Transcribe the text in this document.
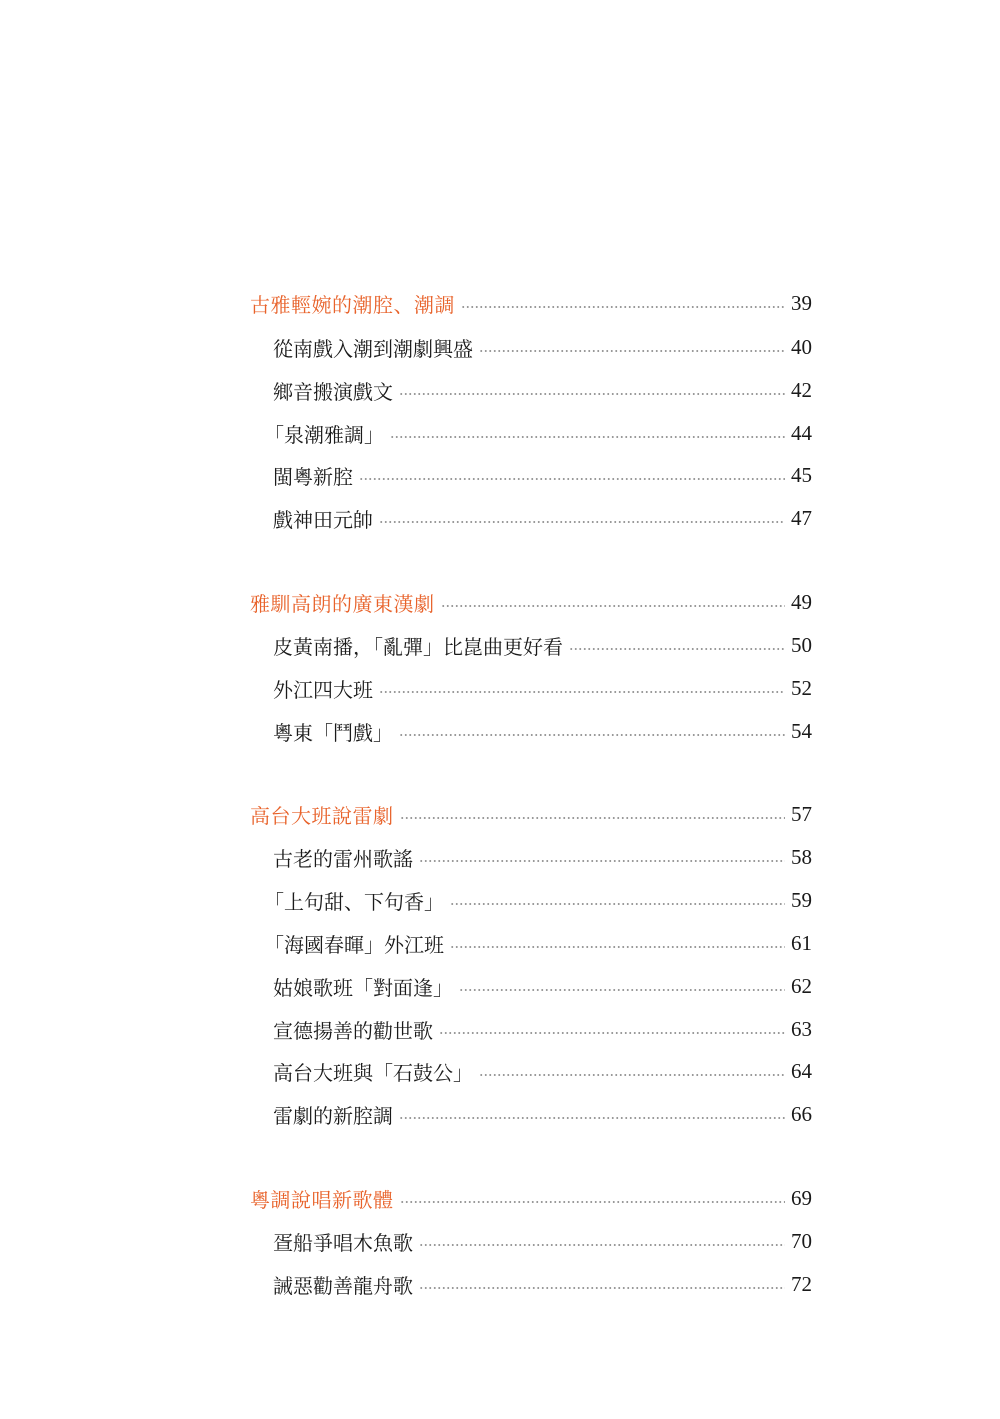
古雅輕婉的潮腔、潮調	39
從南戲入潮到潮劇興盛	40
鄉音搬演戲文	42
「泉潮雅調」	44
閩粵新腔	45
戲神田元帥	47
雅馴高朗的廣東漢劇	49
皮黃南播，「亂彈」比崑曲更好看	50
外江四大班	52
粵東「鬥戲」	54
高台大班說雷劇	57
古老的雷州歌謠	58
「上句甜、下句香」	59
「海國春暉」外江班	61
姑娘歌班「對面逢」	62
宣德揚善的勸世歌	63
高台大班與「石鼓公」	64
雷劇的新腔調	66
粵調說唱新歌體	69
疍船爭唱木魚歌	70
誡惡勸善龍舟歌	72
